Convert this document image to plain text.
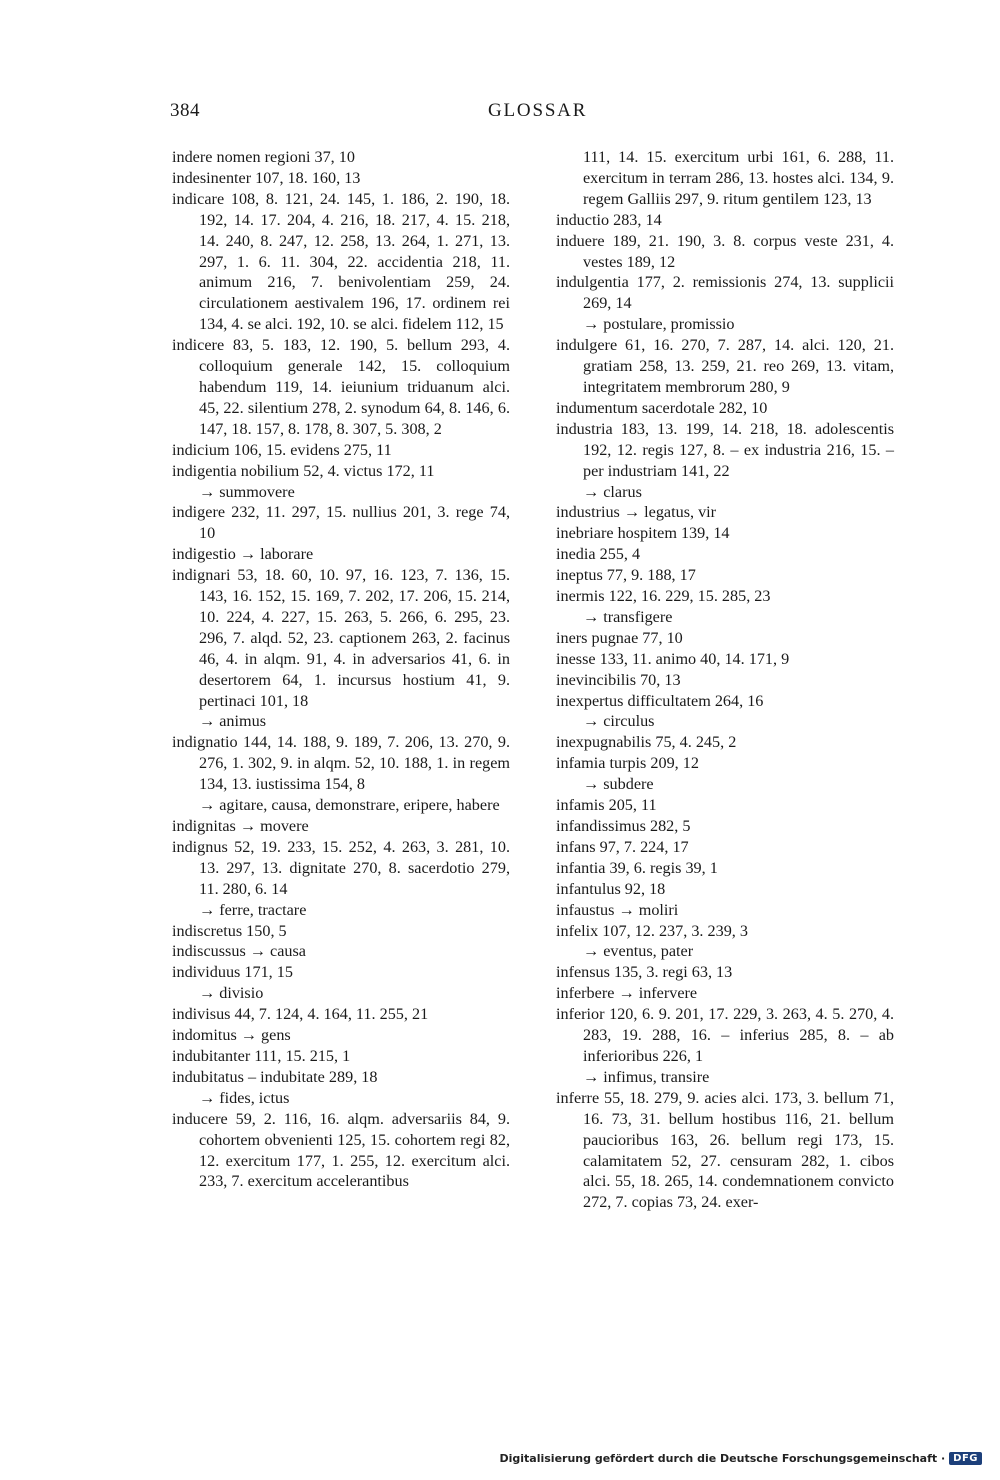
384	GLOSSAR
indere nomen regioni 37, 10
indesinenter 107, 18. 160, 13
indicare 108, 8. 121, 24. 145, 1. 186, 2. 190, 18. 192, 14. 17. 204, 4. 216, 18. 217, 4. 15. 218, 14. 240, 8. 247, 12. 258, 13. 264, 1. 271, 13. 297, 1. 6. 11. 304, 22. accidentia 218, 11. animum 216, 7. benivolentiam 259, 24. circulationem aestivalem 196, 17. ordinem rei 134, 4. se alci. 192, 10. se alci. fidelem 112, 15
indicere 83, 5. 183, 12. 190, 5. bellum 293, 4. colloquium generale 142, 15. colloquium habendum 119, 14. ieiunium triduanum alci. 45, 22. silentium 278, 2. synodum 64, 8. 146, 6. 147, 18. 157, 8. 178, 8. 307, 5. 308, 2
indicium 106, 15. evidens 275, 11
indigentia nobilium 52, 4. victus 172, 11
→ summovere
indigere 232, 11. 297, 15. nullius 201, 3. rege 74, 10
indigestio → laborare
indignari 53, 18. 60, 10. 97, 16. 123, 7. 136, 15. 143, 16. 152, 15. 169, 7. 202, 17. 206, 15. 214, 10. 224, 4. 227, 15. 263, 5. 266, 6. 295, 23. 296, 7. alqd. 52, 23. captionem 263, 2. facinus 46, 4. in alqm. 91, 4. in adversarios 41, 6. in desertorem 64, 1. incursus hostium 41, 9. pertinaci 101, 18
→ animus
indignatio 144, 14. 188, 9. 189, 7. 206, 13. 270, 9. 276, 1. 302, 9. in alqm. 52, 10. 188, 1. in regem 134, 13. iustissima 154, 8
→ agitare, causa, demonstrare, eripere, habere
indignitas → movere
indignus 52, 19. 233, 15. 252, 4. 263, 3. 281, 10. 13. 297, 13. dignitate 270, 8. sacerdotio 279, 11. 280, 6. 14
→ ferre, tractare
indiscretus 150, 5
indiscussus → causa
individuus 171, 15
→ divisio
indivisus 44, 7. 124, 4. 164, 11. 255, 21
indomitus → gens
indubitanter 111, 15. 215, 1
indubitatus – indubitate 289, 18
→ fides, ictus
inducere 59, 2. 116, 16. alqm. adversariis 84, 9. cohortem obvenienti 125, 15. cohortem regi 82, 12. exercitum 177, 1. 255, 12. exercitum alci. 233, 7. exercitum accelerantibus
111, 14. 15. exercitum urbi 161, 6. 288, 11. exercitum in terram 286, 13. hostes alci. 134, 9. regem Galliis 297, 9. ritum gentilem 123, 13
inductio 283, 14
induere 189, 21. 190, 3. 8. corpus veste 231, 4. vestes 189, 12
indulgentia 177, 2. remissionis 274, 13. supplicii 269, 14
→ postulare, promissio
indulgere 61, 16. 270, 7. 287, 14. alci. 120, 21. gratiam 258, 13. 259, 21. reo 269, 13. vitam, integritatem membrorum 280, 9
indumentum sacerdotale 282, 10
industria 183, 13. 199, 14. 218, 18. adolescentis 192, 12. regis 127, 8. – ex industria 216, 15. – per industriam 141, 22
→ clarus
industrius → legatus, vir
inebriare hospitem 139, 14
inedia 255, 4
ineptus 77, 9. 188, 17
inermis 122, 16. 229, 15. 285, 23
→ transfigere
iners pugnae 77, 10
inesse 133, 11. animo 40, 14. 171, 9
inevincibilis 70, 13
inexpertus difficultatem 264, 16
→ circulus
inexpugnabilis 75, 4. 245, 2
infamia turpis 209, 12
→ subdere
infamis 205, 11
infandissimus 282, 5
infans 97, 7. 224, 17
infantia 39, 6. regis 39, 1
infantulus 92, 18
infaustus → moliri
infelix 107, 12. 237, 3. 239, 3
→ eventus, pater
infensus 135, 3. regi 63, 13
inferbere → infervere
inferior 120, 6. 9. 201, 17. 229, 3. 263, 4. 5. 270, 4. 283, 19. 288, 16. – inferius 285, 8. – ab inferioribus 226, 1
→ infimus, transire
inferre 55, 18. 279, 9. acies alci. 173, 3. bellum 71, 16. 73, 31. bellum hostibus 116, 21. bellum paucioribus 163, 26. bellum regi 173, 15. calamitatem 52, 27. censuram 282, 1. cibos alci. 55, 18. 265, 14. condemnationem convicto 272, 7. copias 73, 24. exer-
Digitalisierung gefördert durch die Deutsche Forschungsgemeinschaft · DFG
